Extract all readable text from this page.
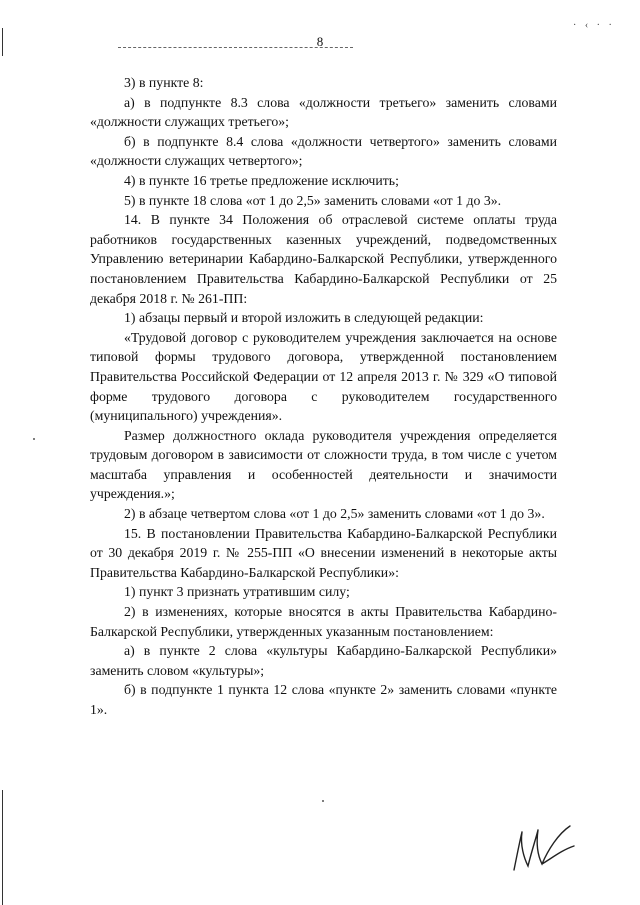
8
· ‹ · ·

3) в пункте 8:

а) в подпункте 8.3 слова «должности третьего» заменить словами «должности служащих третьего»;

б) в подпункте 8.4 слова «должности четвертого» заменить словами «должности служащих четвертого»;

4) в пункте 16 третье предложение исключить;

5) в пункте 18 слова «от 1 до 2,5» заменить словами «от 1 до 3».

14. В пункте 34 Положения об отраслевой системе оплаты труда работников государственных казенных учреждений, подведомственных Управлению ветеринарии Кабардино-Балкарской Республики, утвержденного постановлением Правительства Кабардино-Балкарской Республики от 25 декабря 2018 г. № 261-ПП:

1) абзацы первый и второй изложить в следующей редакции:

«Трудовой договор с руководителем учреждения заключается на основе типовой формы трудового договора, утвержденной постановлением Правительства Российской Федерации от 12 апреля 2013 г. № 329 «О типовой форме трудового договора с руководителем государственного (муниципального) учреждения».

Размер должностного оклада руководителя учреждения определяется трудовым договором в зависимости от сложности труда, в том числе с учетом масштаба управления и особенностей деятельности и значимости учреждения.»;

2) в абзаце четвертом слова «от 1 до 2,5» заменить словами «от 1 до 3».

15. В постановлении Правительства Кабардино-Балкарской Республики от 30 декабря 2019 г. № 255-ПП «О внесении изменений в некоторые акты Правительства Кабардино-Балкарской Республики»:

1) пункт 3 признать утратившим силу;

2) в изменениях, которые вносятся в акты Правительства Кабардино-Балкарской Республики, утвержденных указанным постановлением:

а) в пункте 2 слова «культуры Кабардино-Балкарской Республики» заменить словом «культуры»;

б) в подпункте 1 пункта 12 слова «пункте 2» заменить словами «пункте 1».
